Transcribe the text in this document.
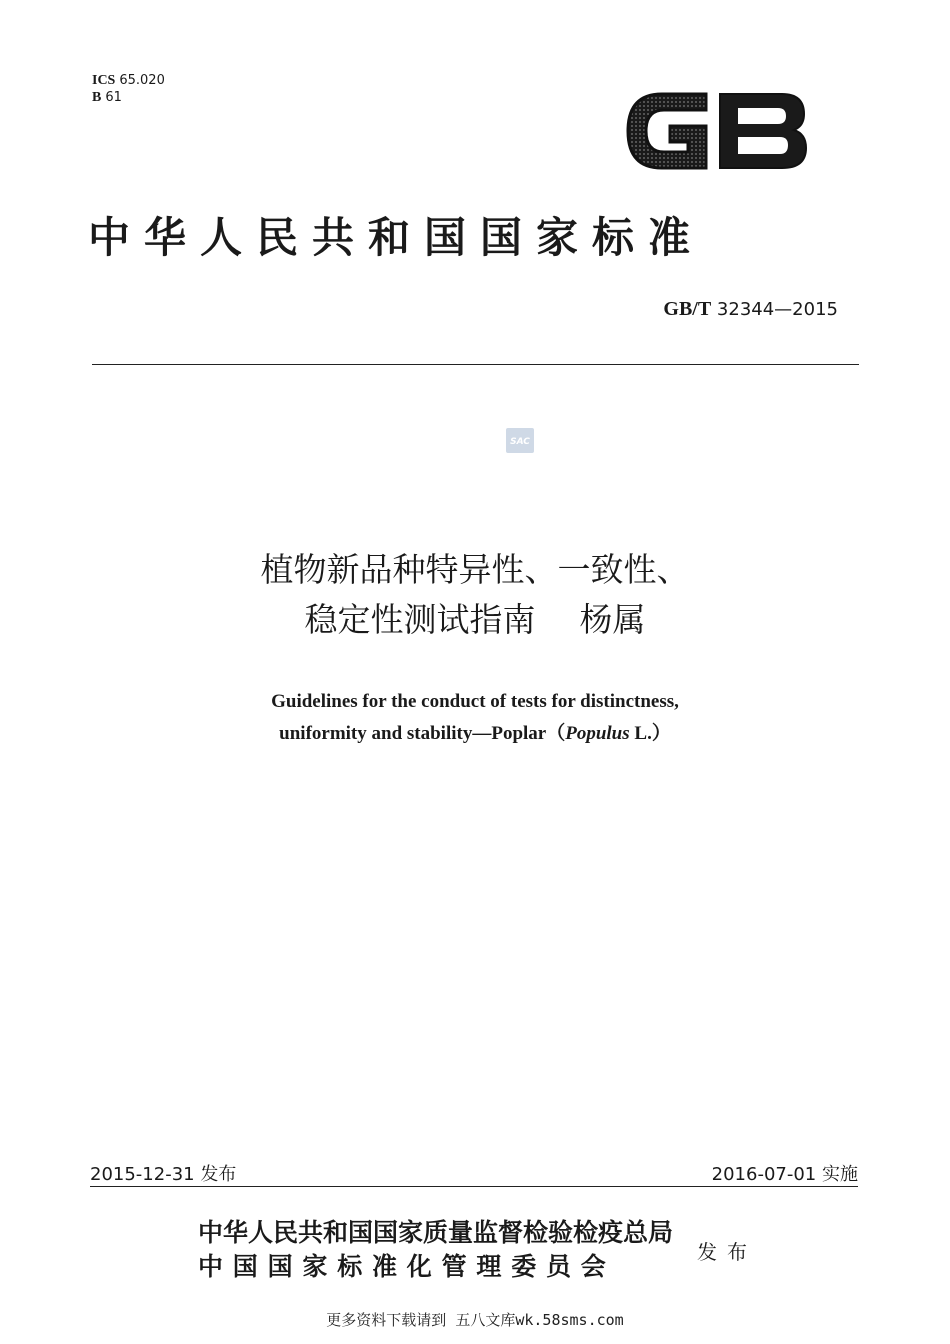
ICS 65.020
B 61
中华人民共和国国家标准
GB/T 32344—2015
SAC
植物新品种特异性、一致性、
稳定性测试指南 杨属
Guidelines for the conduct of tests for distinctness,
uniformity and stability—Poplar（Populus L.）
2015-12-31 发布	2016-07-01 实施
中华人民共和国国家质量监督检验检疫总局
中国国家标准化管理委员会	发布
更多资料下载请到 五八文库wk.58sms.com
